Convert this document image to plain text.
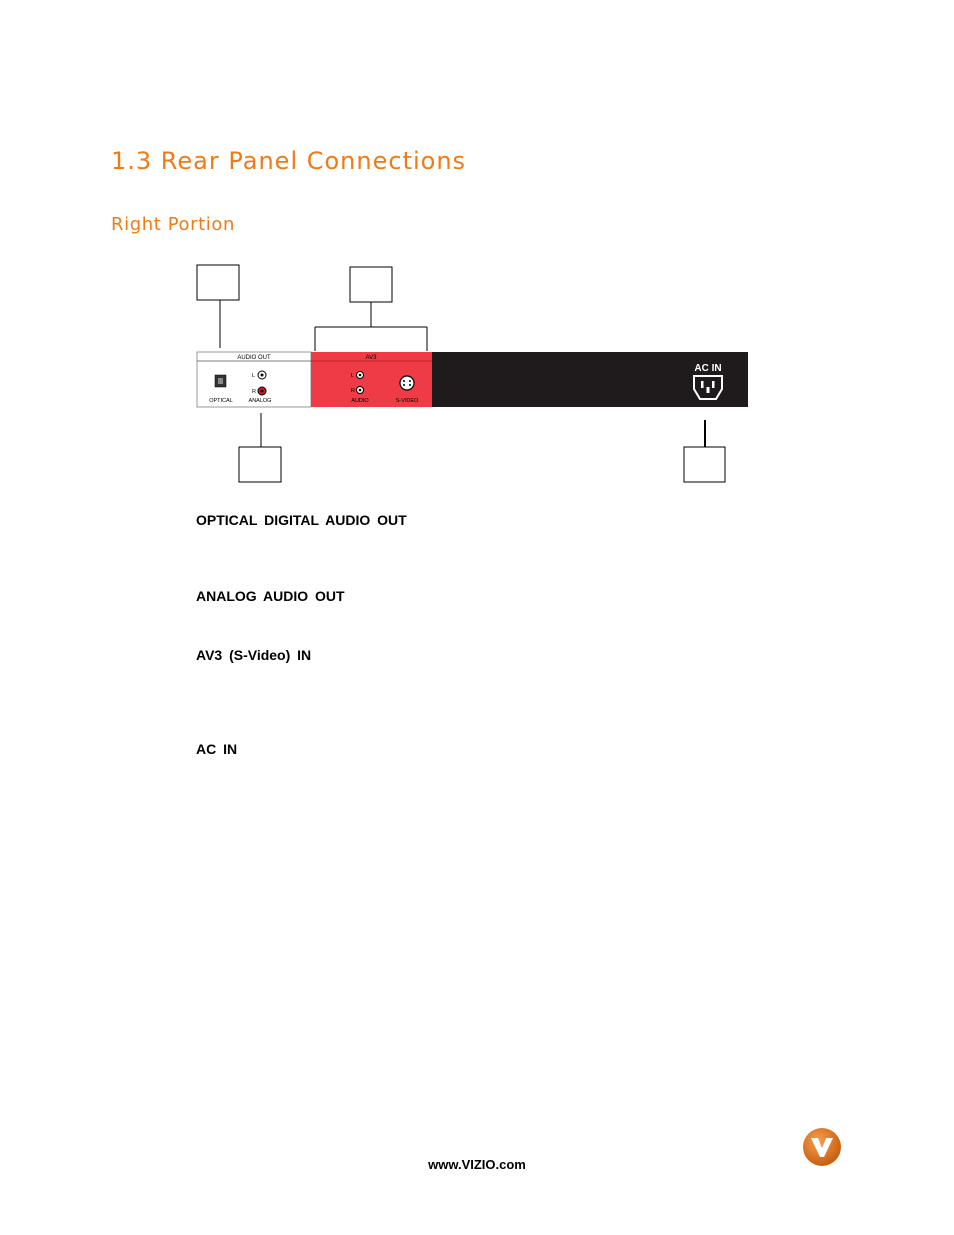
1.3 Rear Panel Connections
Right Portion
AUDIO OUT
OPTICAL
L
R
ANALOG
AV3
L
R
AUDIO	S-VIDEO
AC IN
OPTICAL DIGITAL AUDIO OUT
ANALOG AUDIO OUT
AV3 (S-Video) IN
AC IN
www.VIZIO.com
